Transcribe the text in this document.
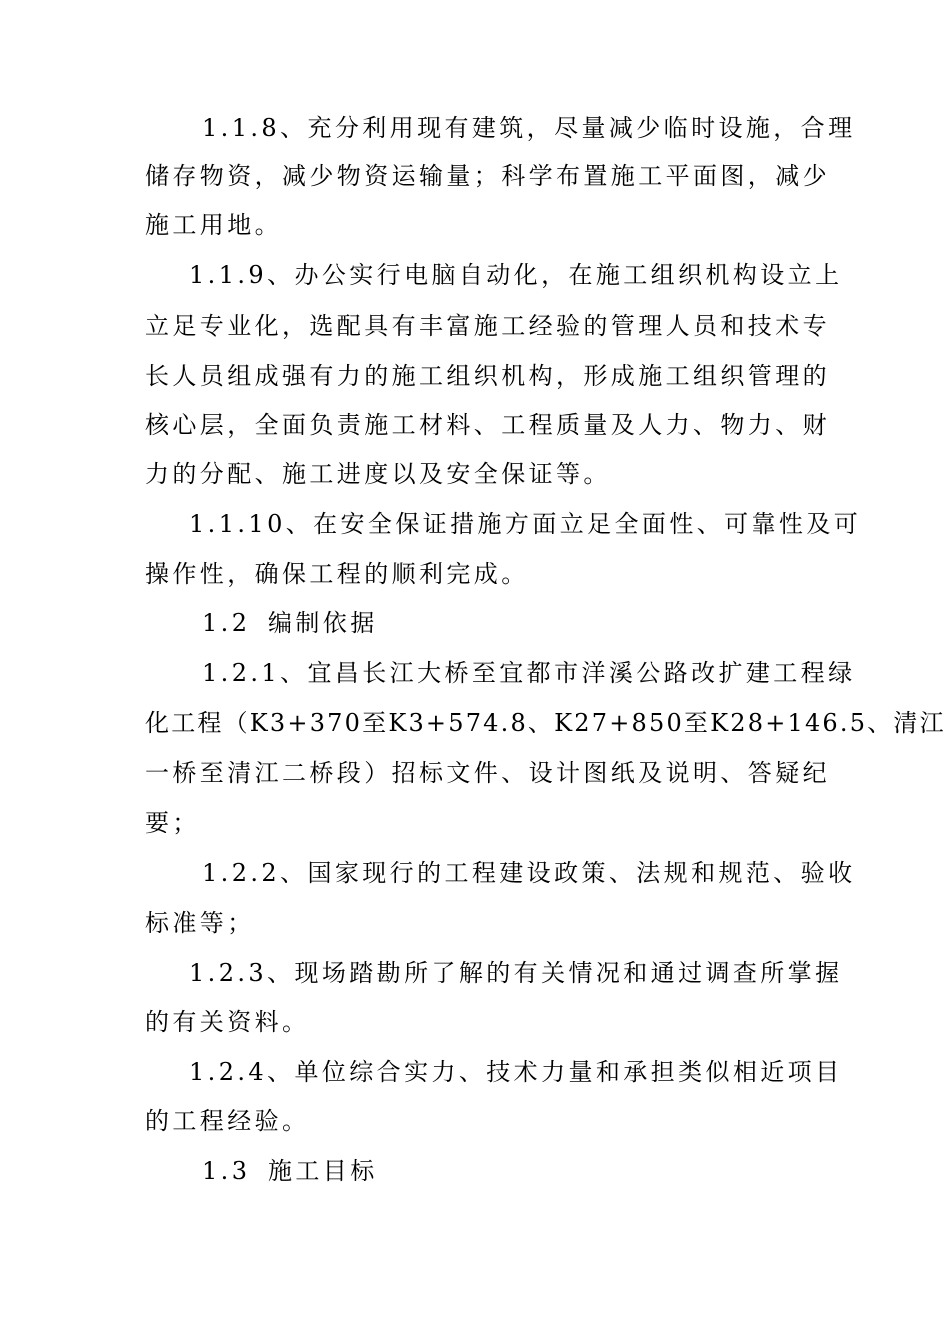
1.1.8、充分利用现有建筑，尽量减少临时设施，合理
储存物资，减少物资运输量；科学布置施工平面图，减少
施工用地。
1.1.9、办公实行电脑自动化，在施工组织机构设立上
立足专业化，选配具有丰富施工经验的管理人员和技术专
长人员组成强有力的施工组织机构，形成施工组织管理的
核心层，全面负责施工材料、工程质量及人力、物力、财
力的分配、施工进度以及安全保证等。
1.1.10、在安全保证措施方面立足全面性、可靠性及可
操作性，确保工程的顺利完成。
1.2 编制依据
1.2.1、宜昌长江大桥至宜都市洋溪公路改扩建工程绿
化工程（K3+370至K3+574.8、K27+850至K28+146.5、清江
一桥至清江二桥段）招标文件、设计图纸及说明、答疑纪
要；
1.2.2、国家现行的工程建设政策、法规和规范、验收
标准等；
1.2.3、现场踏勘所了解的有关情况和通过调查所掌握
的有关资料。
1.2.4、单位综合实力、技术力量和承担类似相近项目
的工程经验。
1.3 施工目标
